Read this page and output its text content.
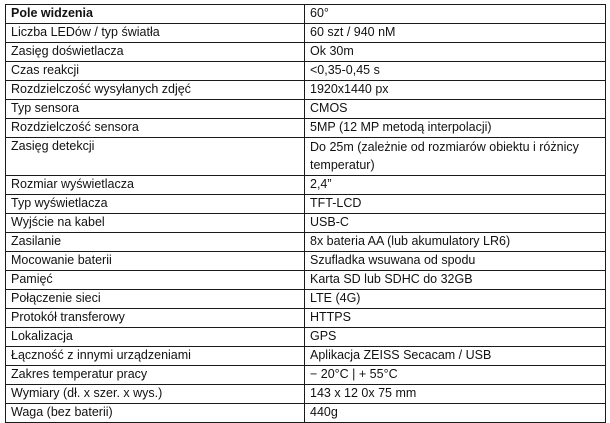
Pole widzenia	60°
Liczba LEDów / typ światła	60 szt / 940 nM
Zasięg doświetlacza	Ok 30m
Czas reakcji	<0,35-0,45 s
Rozdzielczość wysyłanych zdjęć	1920x1440 px
Typ sensora	CMOS
Rozdzielczość sensora	5MP (12 MP metodą interpolacji)
Zasięg detekcji	Do 25m (zależnie od rozmiarów obiektu i różnicy temperatur)
Rozmiar wyświetlacza	2,4”
Typ wyświetlacza	TFT-LCD
Wyjście na kabel	USB-C
Zasilanie	8x bateria AA (lub akumulatory LR6)
Mocowanie baterii	Szufladka wsuwana od spodu
Pamięć	Karta SD lub SDHC do 32GB
Połączenie sieci	LTE (4G)
Protokół transferowy	HTTPS
Lokalizacja	GPS
Łączność z innymi urządzeniami	Aplikacja ZEISS Secacam / USB
Zakres temperatur pracy	− 20°C | + 55°C
Wymiary (dł. x szer. x wys.)	143 x 12 0x 75 mm
Waga (bez baterii)	440g
